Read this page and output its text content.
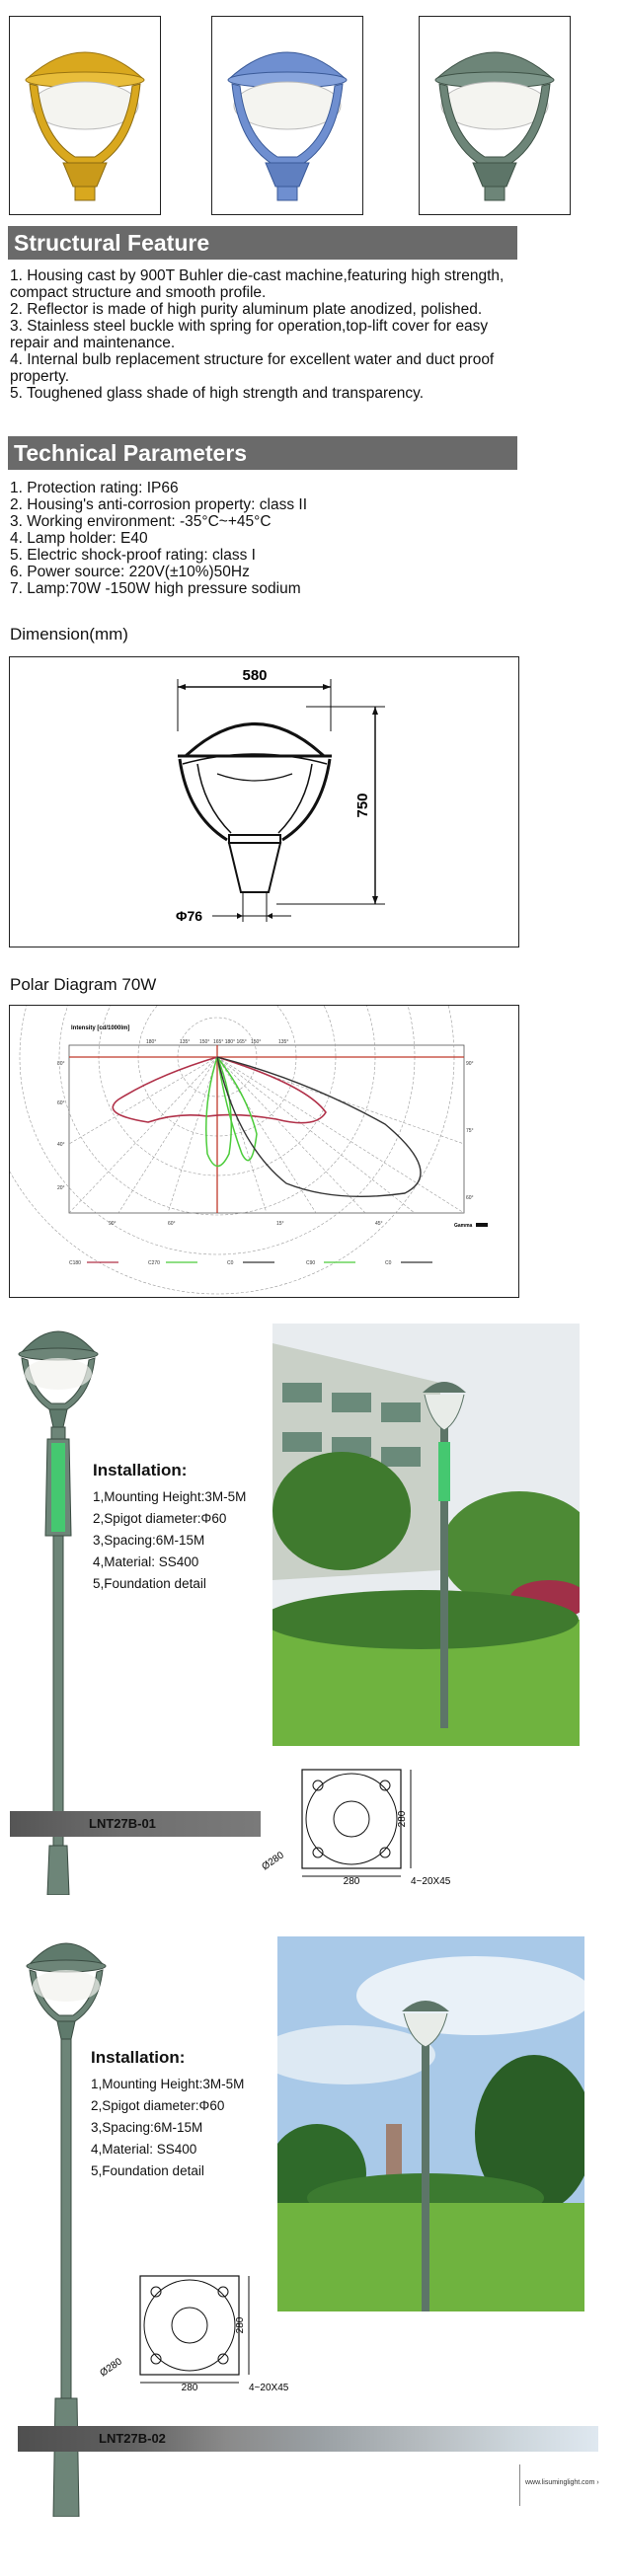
Structural Feature
1. Housing cast by 900T Buhler die-cast machine,featuring high strength, compact structure and smooth profile.
2. Reflector is made of high purity aluminum plate anodized, polished.
3. Stainless steel buckle with spring for operation,top-lift cover for easy repair and maintenance.
4. Internal bulb replacement structure for excellent water and duct proof property.
5. Toughened glass shade of high strength and transparency.
Technical Parameters
1. Protection rating: IP66
2. Housing's anti-corrosion property: class II
3. Working environment: -35°C~+45°C
4. Lamp holder: E40
5. Electric shock-proof rating: class I
6. Power source: 220V(±10%)50Hz
7. Lamp:70W -150W high pressure sodium
Dimension(mm)
580
750
Φ76
Polar Diagram 70W
Intensity [cd/1000lm]
180°	135° 150° 165° 180° 165° 150°	135°
80°
60°
40°
20°
90°
75°
60°
90°	60°	15°	45°	Gamma
C180	C270	C0	C90	C0
Installation:
1,Mounting Height:3M-5M
2,Spigot diameter:Φ60
3,Spacing:6M-15M
4,Material: SS400
5,Foundation detail
280
280
Ø280
4~20X45
LNT27B-01
Installation:
1,Mounting Height:3M-5M
2,Spigot diameter:Φ60
3,Spacing:6M-15M
4,Material: SS400
5,Foundation detail
280
280
Ø280
4~20X45
LNT27B-02
www.lisuminglight.com ›
